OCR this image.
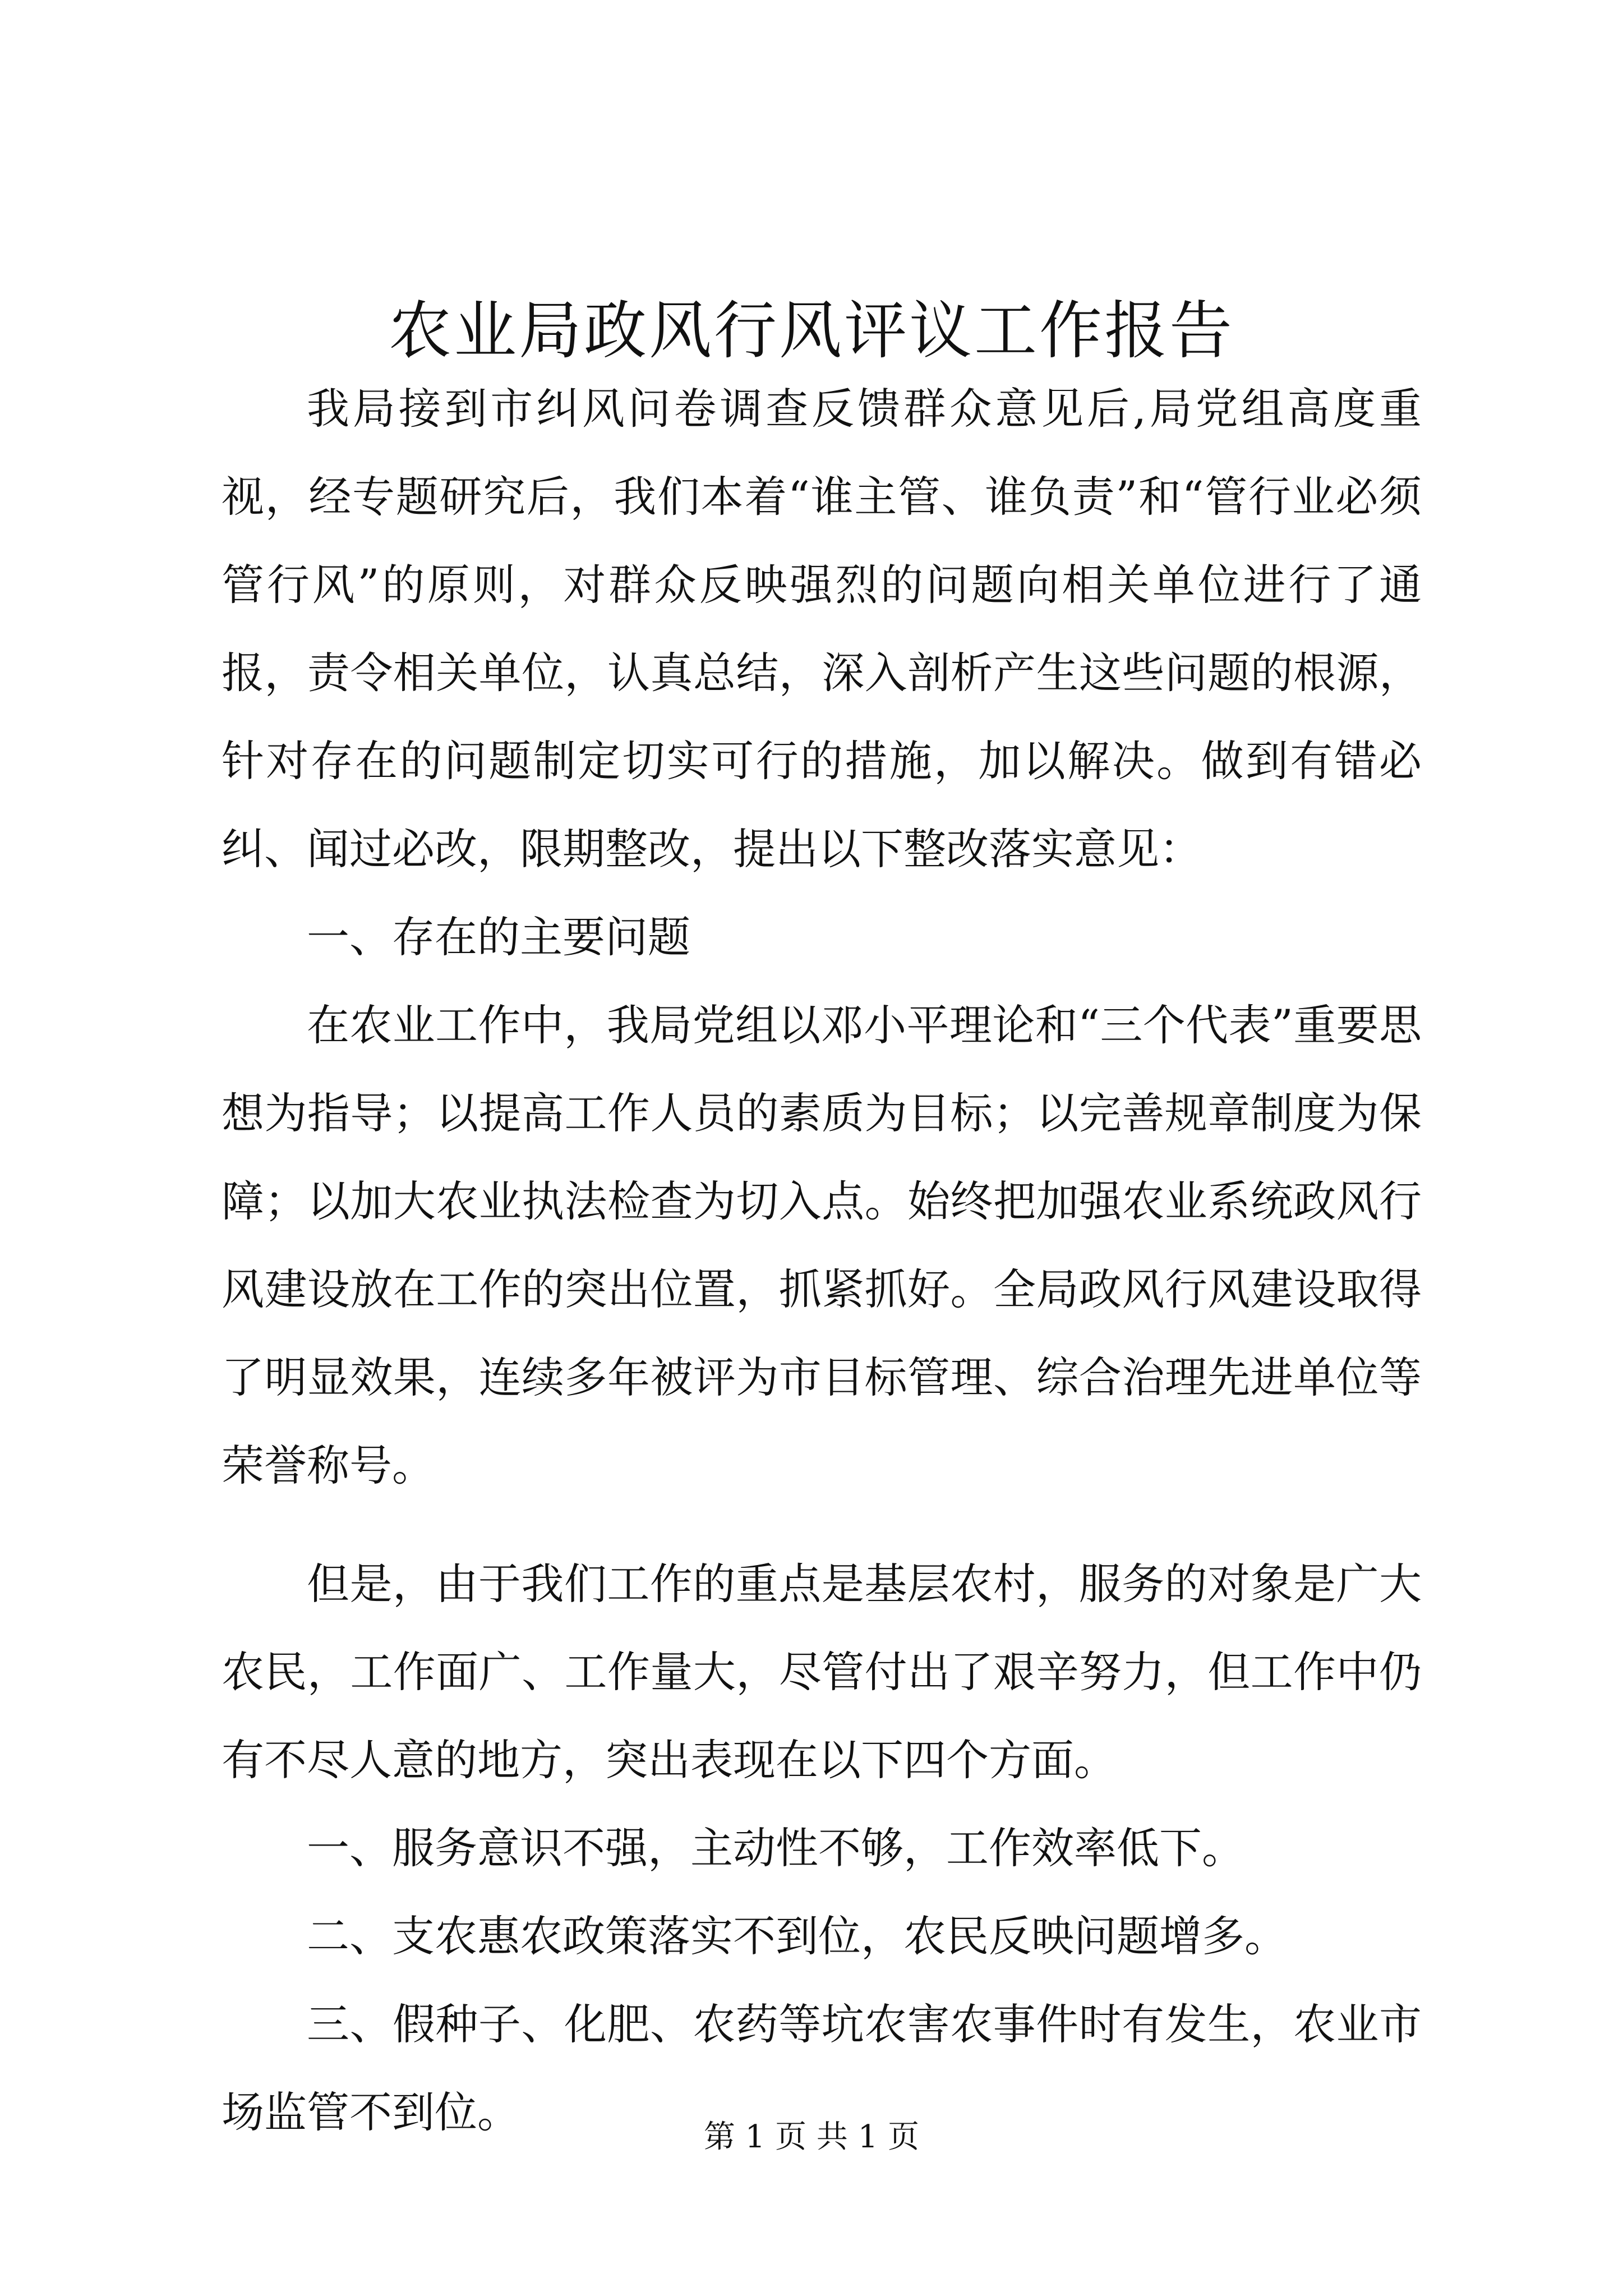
农业局政风行风评议工作报告

我局接到市纠风问卷调查反馈群众意见后,局党组高度重视，经专题研究后，我们本着“谁主管、谁负责”和“管行业必须管行风”的原则，对群众反映强烈的问题向相关单位进行了通报，责令相关单位，认真总结，深入剖析产生这些问题的根源，针对存在的问题制定切实可行的措施，加以解决。做到有错必纠、闻过必改，限期整改，提出以下整改落实意见：

一、存在的主要问题

在农业工作中，我局党组以邓小平理论和“三个代表”重要思想为指导；以提高工作人员的素质为目标；以完善规章制度为保障；以加大农业执法检查为切入点。始终把加强农业系统政风行风建设放在工作的突出位置，抓紧抓好。全局政风行风建设取得了明显效果，连续多年被评为市目标管理、综合治理先进单位等荣誉称号。

但是，由于我们工作的重点是基层农村，服务的对象是广大农民，工作面广、工作量大，尽管付出了艰辛努力，但工作中仍有不尽人意的地方，突出表现在以下四个方面。

一、服务意识不强，主动性不够，工作效率低下。

二、支农惠农政策落实不到位，农民反映问题增多。

三、假种子、化肥、农药等坑农害农事件时有发生，农业市场监管不到位。	第 1 页 共 1 页
